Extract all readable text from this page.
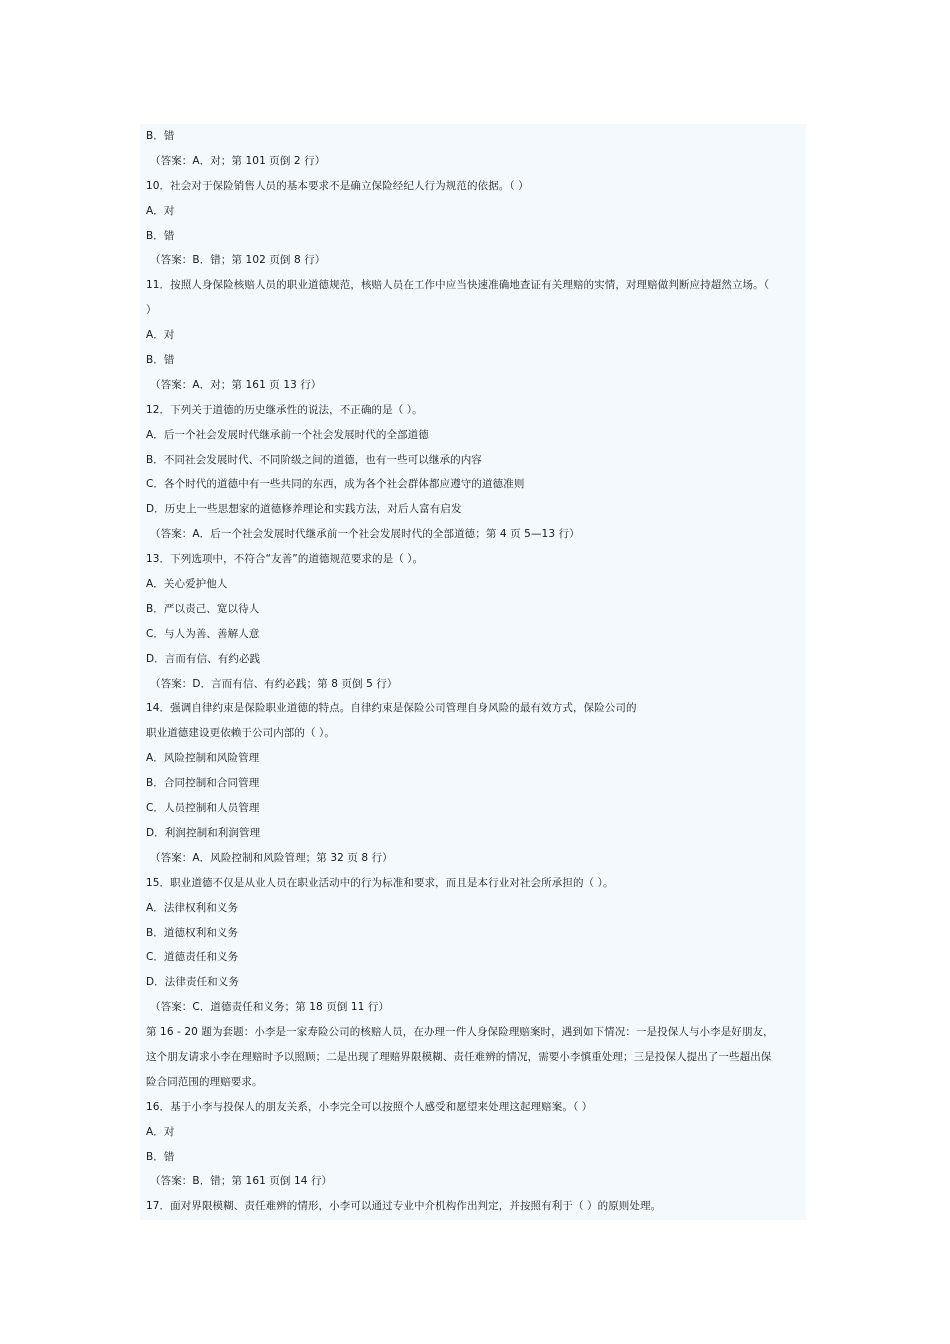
B．错
（答案：A．对；第 101 页倒 2 行）
10．社会对于保险销售人员的基本要求不是确立保险经纪人行为规范的依据。（ ）
A．对
B．错
（答案：B．错；第 102 页倒 8 行）
11．按照人身保险核赔人员的职业道德规范，核赔人员在工作中应当快速准确地查证有关理赔的实情，对理赔做判断应持超然立场。（
）
A．对
B．错
（答案：A．对；第 161 页 13 行）
12．下列关于道德的历史继承性的说法，不正确的是（ ）。
A．后一个社会发展时代继承前一个社会发展时代的全部道德
B．不同社会发展时代、不同阶级之间的道德，也有一些可以继承的内容
C．各个时代的道德中有一些共同的东西，成为各个社会群体都应遵守的道德准则
D．历史上一些思想家的道德修养理论和实践方法，对后人富有启发
（答案：A．后一个社会发展时代继承前一个社会发展时代的全部道德；第 4 页 5—13 行）
13．下列选项中，不符合“友善”的道德规范要求的是（ ）。
A．关心爱护他人
B．严以责己、宽以待人
C．与人为善、善解人意
D．言而有信、有约必践
（答案：D．言而有信、有约必践；第 8 页倒 5 行）
14．强调自律约束是保险职业道德的特点。自律约束是保险公司管理自身风险的最有效方式，保险公司的
职业道德建设更依赖于公司内部的（ ）。
A．风险控制和风险管理
B．合同控制和合同管理
C．人员控制和人员管理
D．利润控制和利润管理
（答案：A．风险控制和风险管理；第 32 页 8 行）
15．职业道德不仅是从业人员在职业活动中的行为标准和要求，而且是本行业对社会所承担的（ ）。
A．法律权利和义务
B．道德权利和义务
C．道德责任和义务
D．法律责任和义务
（答案：C．道德责任和义务；第 18 页倒 11 行）
第 16 - 20 题为套题：小李是一家寿险公司的核赔人员，在办理一件人身保险理赔案时，遇到如下情况：一是投保人与小李是好朋友，
这个朋友请求小李在理赔时予以照顾；二是出现了理赔界限模糊、责任难辨的情况，需要小李慎重处理；三是投保人提出了一些超出保
险合同范围的理赔要求。
16．基于小李与投保人的朋友关系，小李完全可以按照个人感受和愿望来处理这起理赔案。（ ）
A．对
B．错
（答案：B．错；第 161 页倒 14 行）
17．面对界限模糊、责任难辨的情形，小李可以通过专业中介机构作出判定，并按照有利于（ ）的原则处理。
